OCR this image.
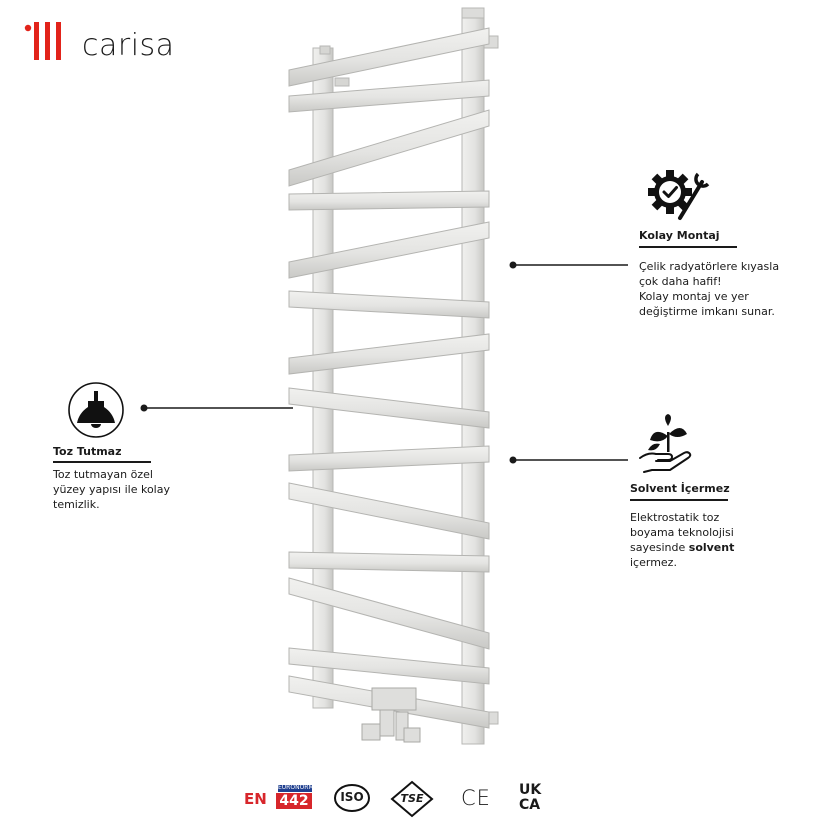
carisa
Kolay Montaj
Çelik radyatörlere kıyasla
çok daha hafif!
Kolay montaj ve yer
değiştirme imkanı sunar.
Toz Tutmaz
Toz tutmayan özel
yüzey yapısı ile kolay
temizlik.
Solvent İçermez
Elektrostatik toz
boyama teknolojisi
sayesinde solvent
içermez.
EURONORM
EN 442	ISO	TSE	CE UK
CA
